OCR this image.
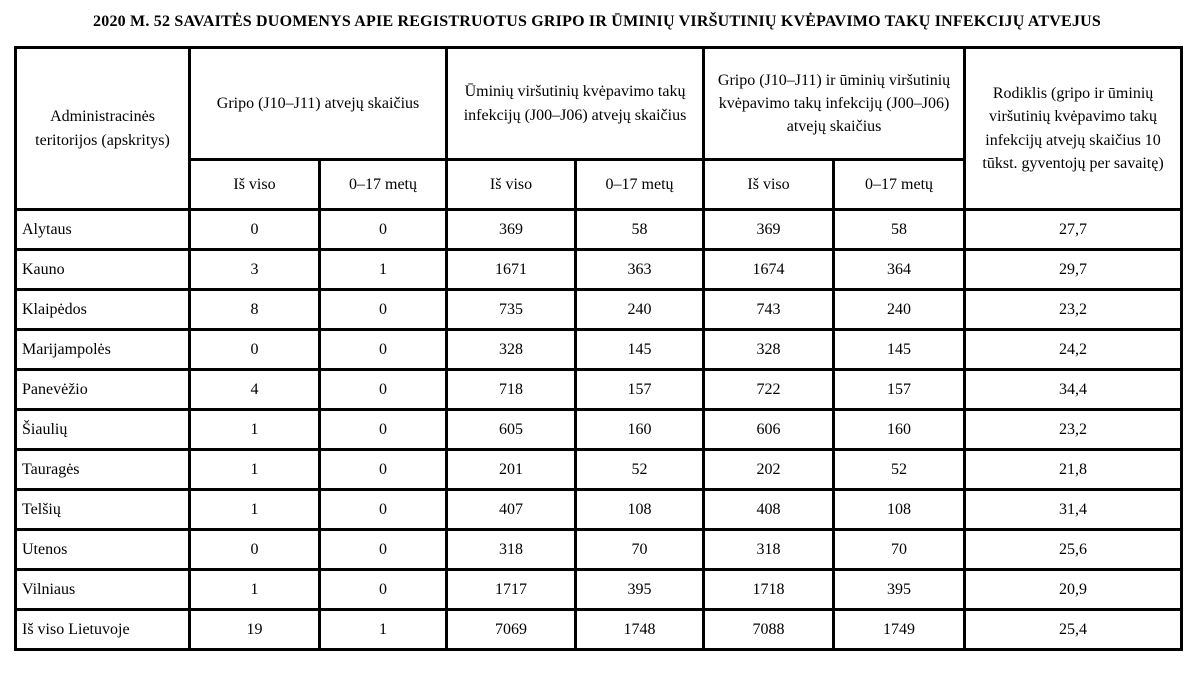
2020 M. 52 SAVAITĖS DUOMENYS APIE REGISTRUOTUS GRIPO IR ŪMINIŲ VIRŠUTINIŲ KVĖPAVIMO TAKŲ INFEKCIJŲ ATVEJUS
Administracinės teritorijos (apskritys)	Gripo (J10–J11) atvejų skaičius		Ūminių viršutinių kvėpavimo takų infekcijų (J00–J06) atvejų skaičius		Gripo (J10–J11) ir ūminių viršutinių kvėpavimo takų infekcijų (J00–J06) atvejų skaičius		Rodiklis (gripo ir ūminių viršutinių kvėpavimo takų infekcijų atvejų skaičius 10 tūkst. gyventojų per savaitę)
	Iš viso	0–17 metų	Iš viso	0–17 metų	Iš viso	0–17 metų	
Alytaus	0	0	369	58	369	58	27,7
Kauno	3	1	1671	363	1674	364	29,7
Klaipėdos	8	0	735	240	743	240	23,2
Marijampolės	0	0	328	145	328	145	24,2
Panevėžio	4	0	718	157	722	157	34,4
Šiaulių	1	0	605	160	606	160	23,2
Tauragės	1	0	201	52	202	52	21,8
Telšių	1	0	407	108	408	108	31,4
Utenos	0	0	318	70	318	70	25,6
Vilniaus	1	0	1717	395	1718	395	20,9
Iš viso Lietuvoje	19	1	7069	1748	7088	1749	25,4
